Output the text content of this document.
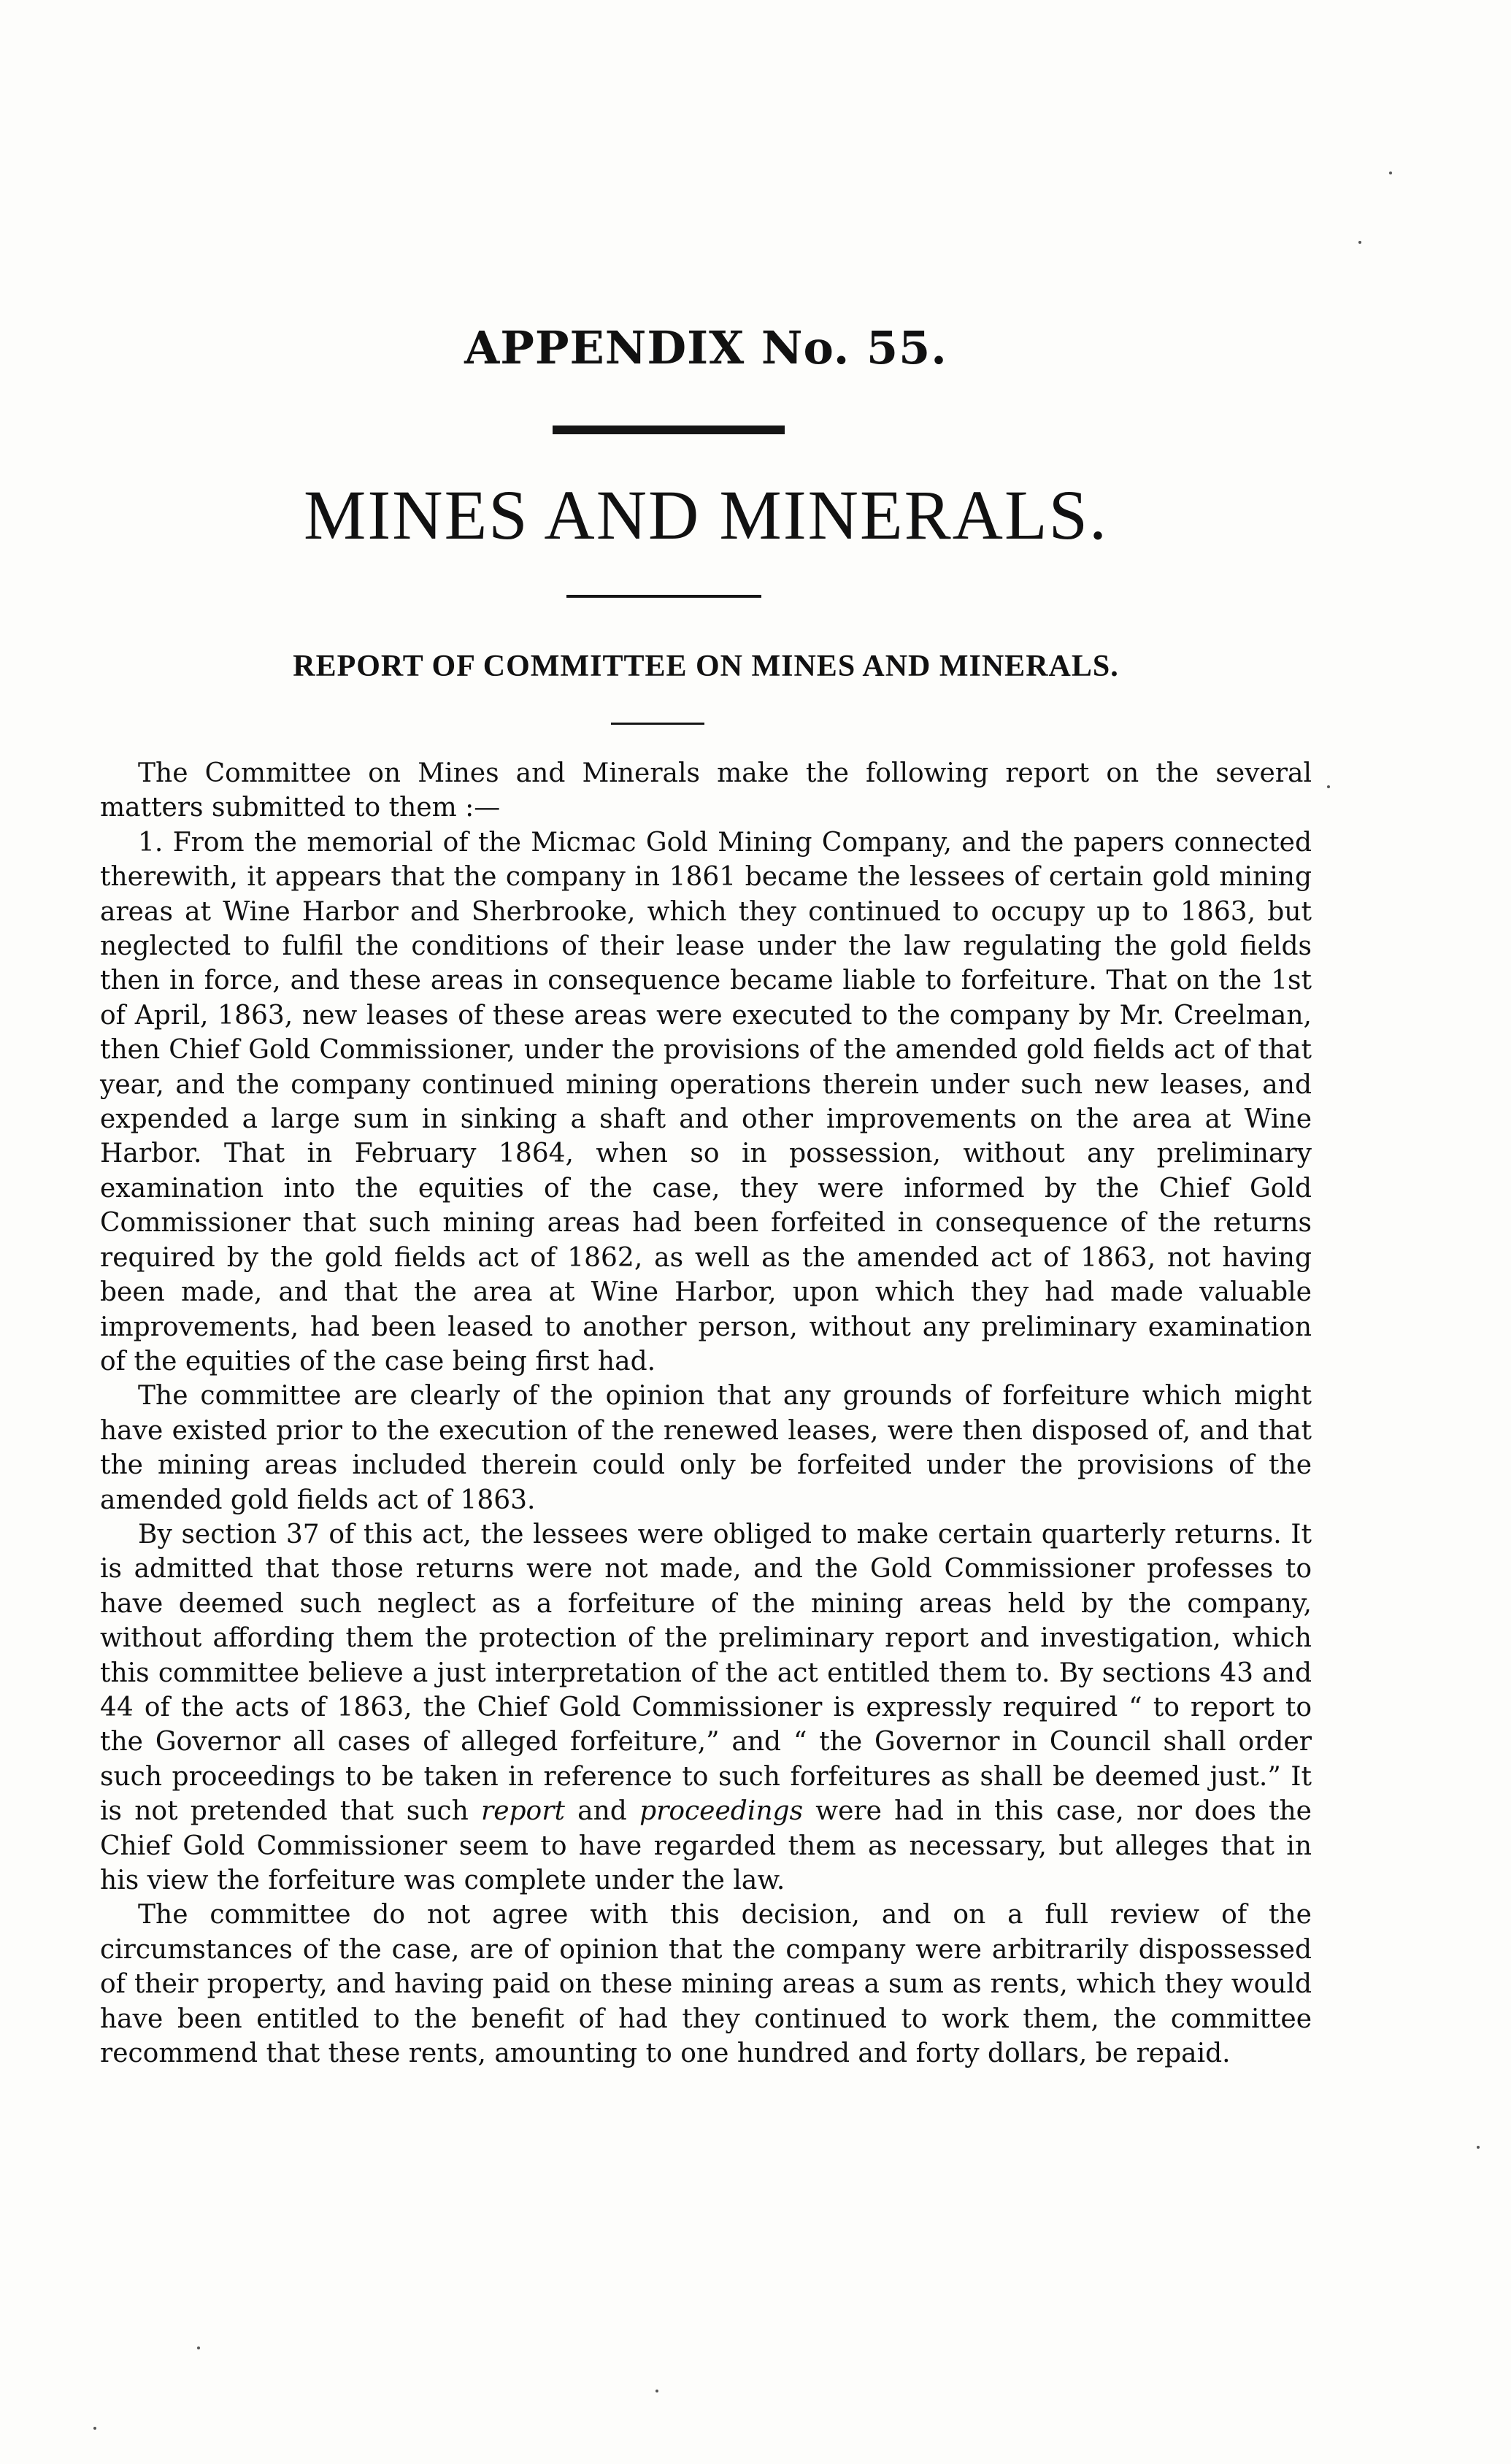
APPENDIX No. 55.
MINES AND MINERALS.
REPORT OF COMMITTEE ON MINES AND MINERALS.

The Committee on Mines and Minerals make the following report on the several matters submitted to them :—

1. From the memorial of the Micmac Gold Mining Company, and the papers connected therewith, it appears that the company in 1861 became the lessees of certain gold mining areas at Wine Harbor and Sherbrooke, which they continued to occupy up to 1863, but neglected to fulfil the conditions of their lease under the law regulating the gold fields then in force, and these areas in consequence became liable to forfeiture. That on the 1st of April, 1863, new leases of these areas were executed to the company by Mr. Creelman, then Chief Gold Commissioner, under the provisions of the amended gold fields act of that year, and the company continued mining operations therein under such new leases, and expended a large sum in sinking a shaft and other improvements on the area at Wine Harbor. That in February 1864, when so in possession, without any preliminary examination into the equities of the case, they were informed by the Chief Gold Commissioner that such mining areas had been forfeited in consequence of the returns required by the gold fields act of 1862, as well as the amended act of 1863, not having been made, and that the area at Wine Harbor, upon which they had made valuable improvements, had been leased to another person, without any preliminary examination of the equities of the case being first had.

The committee are clearly of the opinion that any grounds of forfeiture which might have existed prior to the execution of the renewed leases, were then disposed of, and that the mining areas included therein could only be forfeited under the provisions of the amended gold fields act of 1863.

By section 37 of this act, the lessees were obliged to make certain quarterly returns. It is admitted that those returns were not made, and the Gold Commissioner professes to have deemed such neglect as a forfeiture of the mining areas held by the company, without affording them the protection of the preliminary report and investigation, which this committee believe a just interpretation of the act entitled them to. By sections 43 and 44 of the acts of 1863, the Chief Gold Commissioner is expressly required “ to report to the Governor all cases of alleged forfeiture,” and “ the Governor in Council shall order such proceedings to be taken in reference to such forfeitures as shall be deemed just.” It is not pretended that such report and proceedings were had in this case, nor does the Chief Gold Commissioner seem to have regarded them as necessary, but alleges that in his view the forfeiture was complete under the law.

The committee do not agree with this decision, and on a full review of the circumstances of the case, are of opinion that the company were arbitrarily dispossessed of their property, and having paid on these mining areas a sum as rents, which they would have been entitled to the benefit of had they continued to work them, the committee recommend that these rents, amounting to one hundred and forty dollars, be repaid.
